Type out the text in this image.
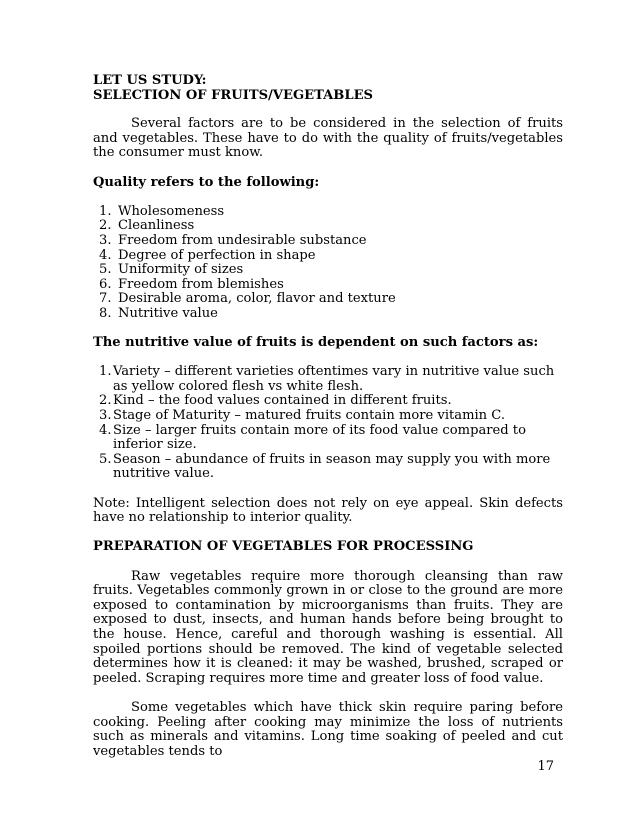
LET US STUDY:
SELECTION OF FRUITS/VEGETABLES

Several factors are to be considered in the selection of fruits and vegetables. These have to do with the quality of fruits/vegetables the consumer must know.

Quality refers to the following:
1. Wholesomeness
2. Cleanliness
3. Freedom from undesirable substance
4. Degree of perfection in shape
5. Uniformity of sizes
6. Freedom from blemishes
7. Desirable aroma, color, flavor and texture
8. Nutritive value
The nutritive value of fruits is dependent on such factors as:
1. Variety – different varieties oftentimes vary in nutritive value such as yellow colored flesh vs white flesh.
2. Kind – the food values contained in different fruits.
3. Stage of Maturity – matured fruits contain more vitamin C.
4. Size – larger fruits contain more of its food value compared to inferior size.
5. Season – abundance of fruits in season may supply you with more nutritive value.

Note: Intelligent selection does not rely on eye appeal. Skin defects have no relationship to interior quality.

PREPARATION OF VEGETABLES FOR PROCESSING

Raw vegetables require more thorough cleansing than raw fruits. Vegetables commonly grown in or close to the ground are more exposed to contamination by microorganisms than fruits. They are exposed to dust, insects, and human hands before being brought to the house. Hence, careful and thorough washing is essential. All spoiled portions should be removed. The kind of vegetable selected determines how it is cleaned: it may be washed, brushed, scraped or peeled. Scraping requires more time and greater loss of food value.

Some vegetables which have thick skin require paring before cooking. Peeling after cooking may minimize the loss of nutrients such as minerals and vitamins. Long time soaking of peeled and cut vegetables tends to

17
